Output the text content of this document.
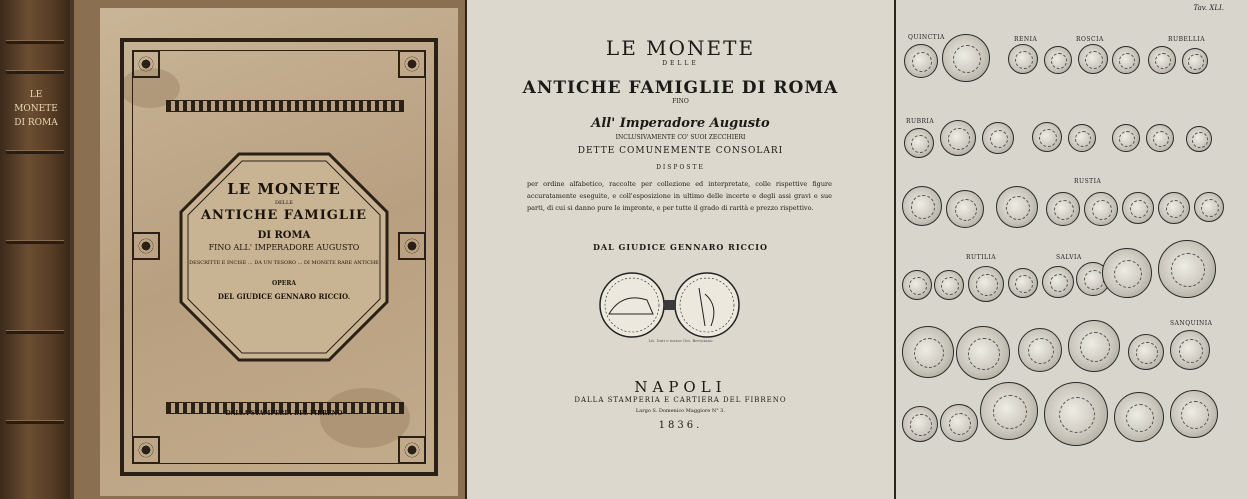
LE MONETE
DI ROMA
LE MONETE
DELLE
ANTICHE FAMIGLIE
DI ROMA
FINO ALL' IMPERADORE AUGUSTO
DESCRITTE E INCISE ... DA UN TESORO ... DI MONETE RARE ANTICHE
OPERA
DEL GIUDICE GENNARO RICCIO.
DALLA STAMPERIA DEL FIBRENO
LE MONETE
DELLE
ANTICHE FAMIGLIE DI ROMA
FINO
All' Imperadore Augusto
INCLUSIVAMENTE CO' SUOI ZECCHIERI
DETTE COMUNEMENTE CONSOLARI
DISPOSTE
per ordine alfabetico, raccolte per collezione ed interpretate, colle rispettive figure accuratamente eseguite, e coll'esposizione in ultimo delle incerte e degli assi gravi e sue parti, di cui si danno pure le impronte, e per tutte il grado di rarità e prezzo rispettivo.
DAL GIUDICE GENNARO RICCIO
Lit. Dati e incise Gio. Bresciano
NAPOLI
DALLA STAMPERIA E CARTIERA DEL FIBRENO
Largo S. Domenico Maggiore N° 3.
1836.
Tav. XLI.
QUINCTIA	RENIA	ROSCIA	RUBELLIA
RUBRIA
RUSTIA
RUTILIA	SALVIA
SANQUINIA
